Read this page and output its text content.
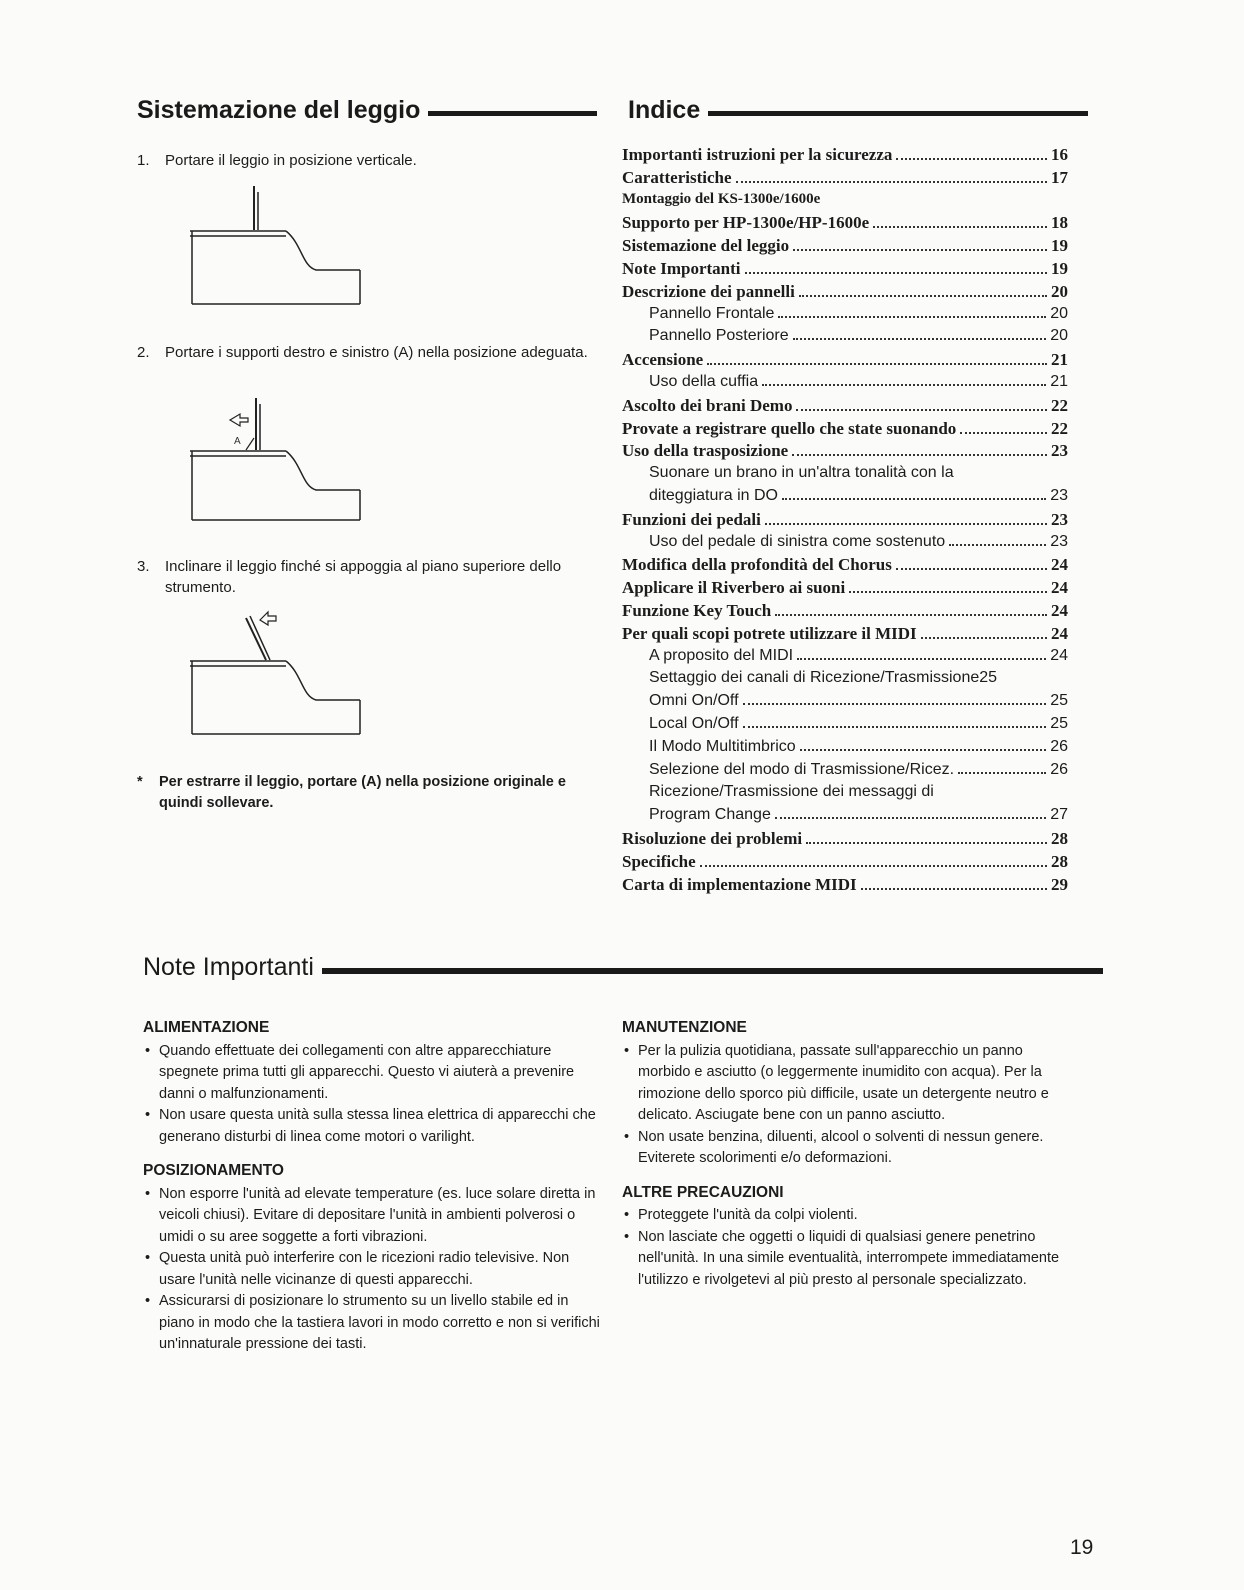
Sistemazione del leggio
1.	Portare il leggio in posizione verticale.
2.	Portare i supporti destro e sinistro (A) nella posizione adeguata.
A
3.	Inclinare il leggio finché si appoggia al piano superiore dello strumento.
*	Per estrarre il leggio, portare (A) nella posizione originale e quindi sollevare.
Indice
Importanti istruzioni per la sicurezza	16
Caratteristiche	17
Montaggio del KS-1300e/1600e
Supporto per HP-1300e/HP-1600e	18
Sistemazione del leggio	19
Note Importanti	19
Descrizione dei pannelli	20
Pannello Frontale	20
Pannello Posteriore	20
Accensione	21
Uso della cuffia	21
Ascolto dei brani Demo	22
Provate a registrare quello che state suonando	22
Uso della trasposizione	23
Suonare un brano in un'altra tonalità con la
diteggiatura in DO	23
Funzioni dei pedali	23
Uso del pedale di sinistra come sostenuto	23
Modifica della profondità del Chorus	24
Applicare il Riverbero ai suoni	24
Funzione Key Touch	24
Per quali scopi potrete utilizzare il MIDI	24
A proposito del MIDI	24
Settaggio dei canali di Ricezione/Trasmissione 25
Omni On/Off	25
Local On/Off	25
Il Modo Multitimbrico	26
Selezione del modo di Trasmissione/Ricez.	26
Ricezione/Trasmissione dei messaggi di
Program Change	27
Risoluzione dei problemi	28
Specifiche	28
Carta di implementazione MIDI	29
Note Importanti
ALIMENTAZIONE
• Quando effettuate dei collegamenti con altre apparecchiature spegnete prima tutti gli apparecchi. Questo vi aiuterà a prevenire danni o malfunzionamenti.
• Non usare questa unità sulla stessa linea elettrica di apparecchi che generano disturbi di linea come motori o varilight.
POSIZIONAMENTO
• Non esporre l'unità ad elevate temperature (es. luce solare diretta in veicoli chiusi). Evitare di depositare l'unità in ambienti polverosi o umidi o su aree soggette a forti vibrazioni.
• Questa unità può interferire con le ricezioni radio televisive. Non usare l'unità nelle vicinanze di questi apparecchi.
• Assicurarsi di posizionare lo strumento su un livello stabile ed in piano in modo che la tastiera lavori in modo corretto e non si verifichi un'innaturale pressione dei tasti.
MANUTENZIONE
• Per la pulizia quotidiana, passate sull'apparecchio un panno morbido e asciutto (o leggermente inumidito con acqua). Per la rimozione dello sporco più difficile, usate un detergente neutro e delicato. Asciugate bene con un panno asciutto.
• Non usate benzina, diluenti, alcool o solventi di nessun genere. Eviterete scolorimenti e/o deformazioni.
ALTRE PRECAUZIONI
• Proteggete l'unità da colpi violenti.
• Non lasciate che oggetti o liquidi di qualsiasi genere penetrino nell'unità. In una simile eventualità, interrompete immediatamente l'utilizzo e rivolgetevi al più presto al personale specializzato.
19
